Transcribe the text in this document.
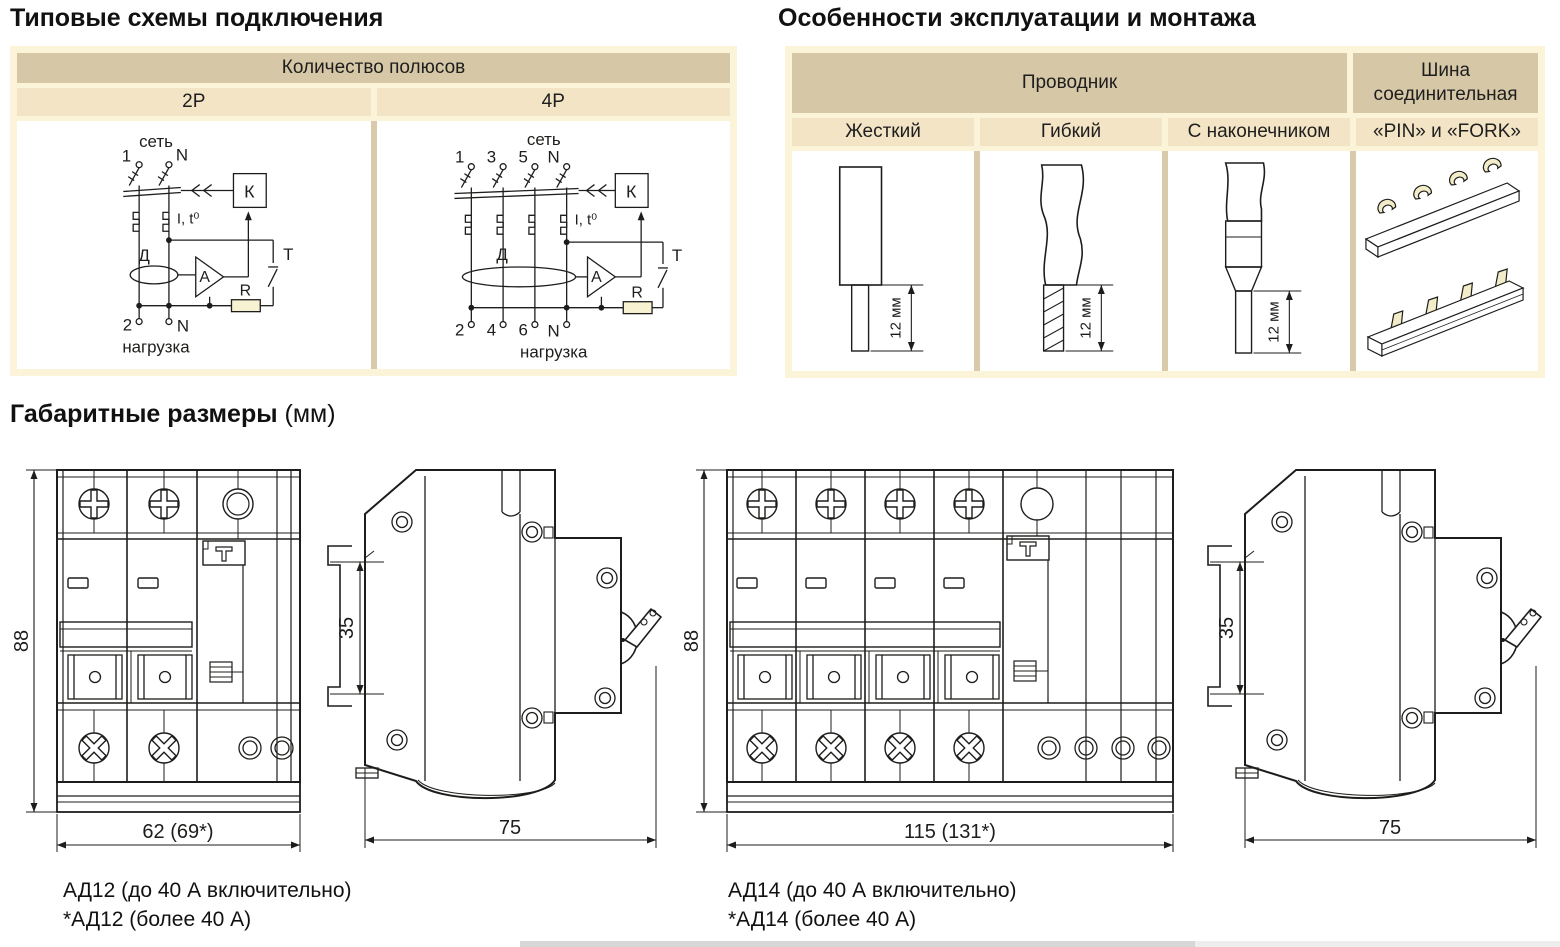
Типовые схемы подключения
Количество полюсов
2P	4P
сеть
1	N
К
I, t⁰
Т
Д
А
R
2	N
нагрузка
сеть
1 3 5 N
К
I, t⁰
Т
Д
А
R
2 4 6 N
нагрузка
Особенности эксплуатации и монтажа
Проводник
Шина соединительная
Жесткий	Гибкий	С наконечником	«PIN» и «FORK»
12 мм	12 мм	12 мм
Габаритные размеры (мм)
88
62 (69*)
35
75
88
115 (131*)
35
75
АД12 (до 40 А включительно)
*АД12 (более 40 А)
АД14 (до 40 А включительно)
*АД14 (более 40 А)
